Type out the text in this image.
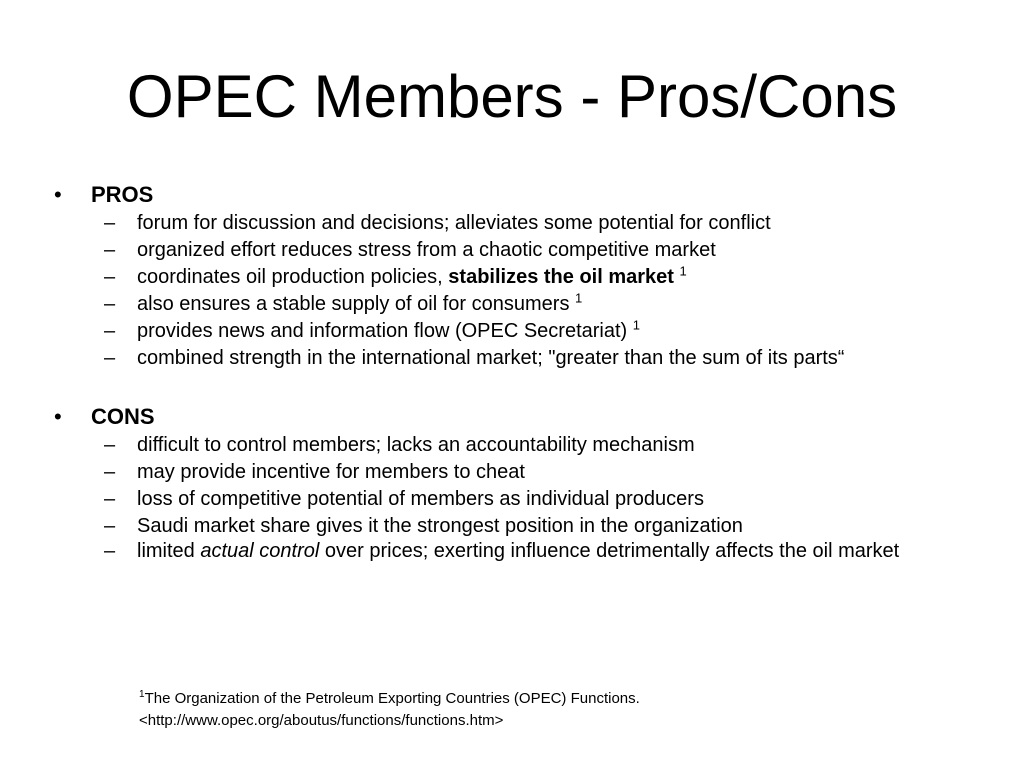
OPEC Members - Pros/Cons
• PROS
– forum for discussion and decisions; alleviates some potential for conflict
– organized effort reduces stress from a chaotic competitive market
– coordinates oil production policies, stabilizes the oil market $^1$
– also ensures a stable supply of oil for consumers $^1$
– provides news and information flow (OPEC Secretariat) $^1$
– combined strength in the international market; "greater than the sum of its parts“
• CONS
– difficult to control members; lacks an accountability mechanism
– may provide incentive for members to cheat
– loss of competitive potential of members as individual producers
– Saudi market share gives it the strongest position in the organization
– limited actual control over prices; exerting influence detrimentally affects the oil market
$^1$The Organization of the Petroleum Exporting Countries (OPEC) Functions.
<http://www.opec.org/aboutus/functions/functions.htm>
